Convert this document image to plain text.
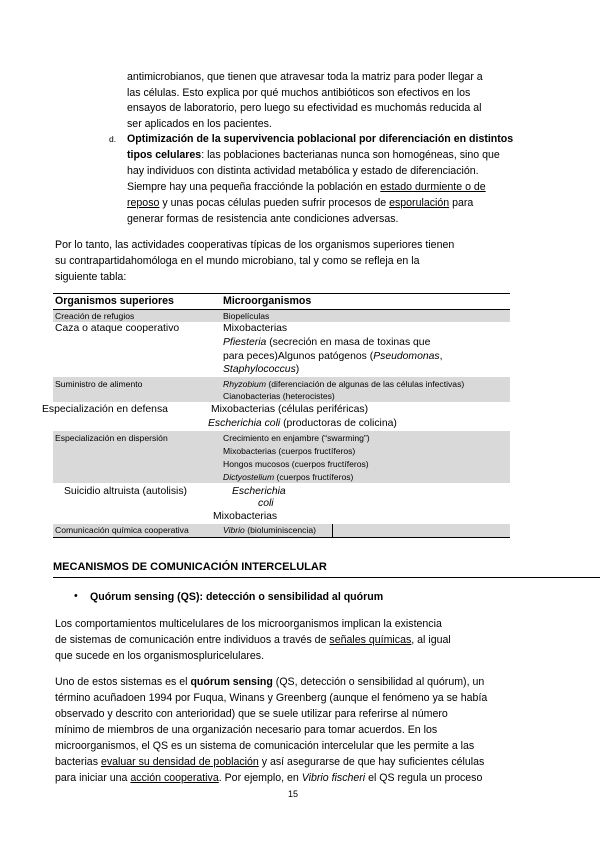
antimicrobianos, que tienen que atravesar toda la matriz para poder llegar a
las células. Esto explica por qué muchos antibióticos son efectivos en los
ensayos de laboratorio, pero luego su efectividad es muchomás reducida al
ser aplicados en los pacientes.
d. Optimización de la supervivencia poblacional por diferenciación en distintos
tipos celulares: las poblaciones bacterianas nunca son homogéneas, sino que
hay individuos con distinta actividad metabólica y estado de diferenciación.
Siempre hay una pequeña fracciónde la población en estado durmiente o de
reposo y unas pocas células pueden sufrir procesos de esporulación para
generar formas de resistencia ante condiciones adversas.
Por lo tanto, las actividades cooperativas típicas de los organismos superiores tienen
su contrapartidahomóloga en el mundo microbiano, tal y como se refleja en la
siguiente tabla:
Organismos superiores	Microorganismos
Creación de refugios	Biopelículas
Caza o ataque cooperativo	Mixobacterias
Pfiesteria (secreción en masa de toxinas que
para peces)Algunos patógenos (Pseudomonas,
Staphylococcus)
Suministro de alimento	Rhyzobium (diferenciación de algunas de las células infectivas)
Cianobacterias (heterocistes)
Especialización en defensa	Mixobacterias (células periféricas)
Escherichia coli (productoras de colicina)
Especialización en dispersión	Crecimiento en enjambre (“swarming”)
Mixobacterias (cuerpos fructíferos)
Hongos mucosos (cuerpos fructíferos)
Dictyostelium (cuerpos fructíferos)
Suicidio altruista (autolisis)	Escherichia
coli
Mixobacterias
Comunicación química cooperativa	Vibrio (bioluminiscencia)
MECANISMOS DE COMUNICACIÓN INTERCELULAR
• Quórum sensing (QS): detección o sensibilidad al quórum
Los comportamientos multicelulares de los microorganismos implican la existencia
de sistemas de comunicación entre individuos a través de señales químicas, al igual
que sucede en los organismospluricelulares.
Uno de estos sistemas es el quórum sensing (QS, detección o sensibilidad al quórum), un
término acuñadoen 1994 por Fuqua, Winans y Greenberg (aunque el fenómeno ya se había
observado y descrito con anterioridad) que se suele utilizar para referirse al número
mínimo de miembros de una organización necesario para tomar acuerdos. En los
microorganismos, el QS es un sistema de comunicación intercelular que les permite a las
bacterias evaluar su densidad de población y así asegurarse de que hay suficientes células
para iniciar una acción cooperativa. Por ejemplo, en Vibrio fischeri el QS regula un proceso
15
